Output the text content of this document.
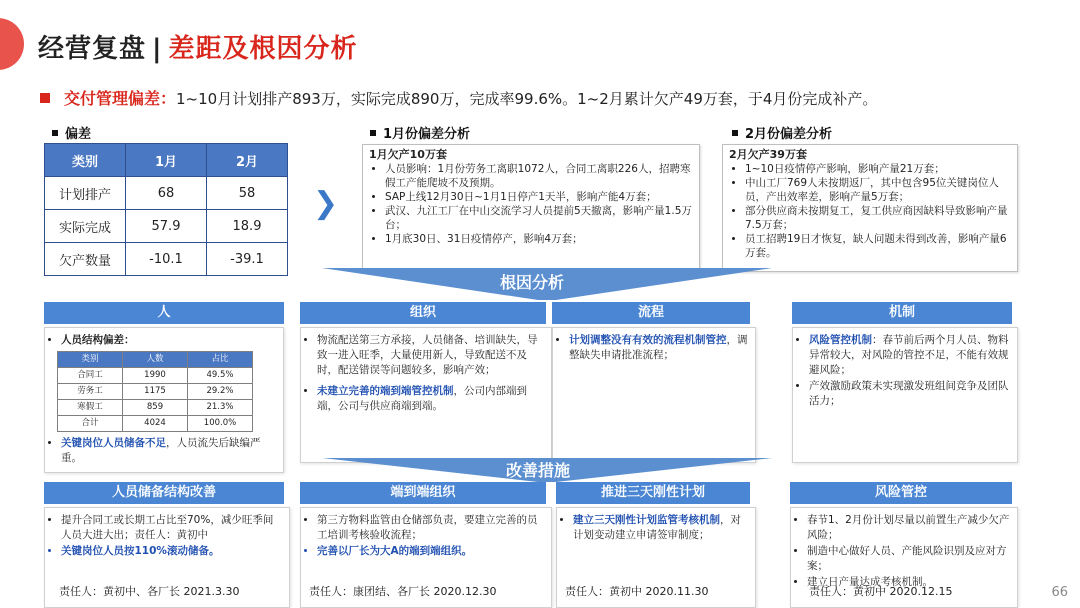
经营复盘 | 差距及根因分析
交付管理偏差：1~10月计划排产893万，实际完成890万，完成率99.6%。1~2月累计欠产49万套，于4月份完成补产。
偏差
类别	1月	2月
计划排产	68	58
实际完成	57.9	18.9
欠产数量	-10.1	-39.1
❯
1月份偏差分析
1月欠产10万套
• 人员影响：1月份劳务工离职1072人，合同工离职226人，招聘寒假工产能爬坡不及预期。
• SAP上线12月30日~1月1日停产1天半，影响产能4万套；
• 武汉、九江工厂在中山交流学习人员提前5天撤离，影响产量1.5万台；
• 1月底30日、31日疫情停产，影响4万套；
2月份偏差分析
2月欠产39万套
• 1~10日疫情停产影响，影响产量21万套；
• 中山工厂769人未按期返厂，其中包含95位关键岗位人员，产出效率差，影响产量5万套；
• 部分供应商未按期复工，复工供应商因缺料导致影响产量7.5万套；
• 员工招聘19日才恢复，缺人问题未得到改善，影响产量6万套。
根因分析
人
• 人员结构偏差：
类别	人数	占比
合同工	1990	49.5%
劳务工	1175	29.2%
寒假工	859	21.3%
合计	4024	100.0%
• 关键岗位人员储备不足，人员流失后缺编严重。
组织
• 物流配送第三方承接，人员储备、培训缺失，导致一进入旺季，大量使用新人，导致配送不及时，配送错误等问题较多，影响产效；
• 未建立完善的端到端管控机制，公司内部端到端，公司与供应商端到端。
流程
• 计划调整没有有效的流程机制管控，调整缺失申请批准流程；
机制
• 风险管控机制：春节前后两个月人员、物料异常较大，对风险的管控不足，不能有效规避风险；
• 产效激励政策未实现激发班组间竞争及团队活力；
改善措施
人员储备结构改善
• 提升合同工或长期工占比至70%，减少旺季间人员大进大出；责任人：黄初中
• 关键岗位人员按110%滚动储备。
责任人：黄初中、各厂长 2021.3.30
端到端组织
• 第三方物料监管由仓储部负责，要建立完善的员工培训考核验收流程；
• 完善以厂长为大A的端到端组织。
责任人：康团结、各厂长 2020.12.30
推进三天刚性计划
• 建立三天刚性计划监管考核机制，对计划变动建立申请签审制度；
责任人：黄初中 2020.11.30
风险管控
• 春节1、2月份计划尽量以前置生产减少欠产风险；
• 制造中心做好人员、产能风险识别及应对方案；
• 建立日产量达成考核机制。
责任人：黄初中 2020.12.15	66
